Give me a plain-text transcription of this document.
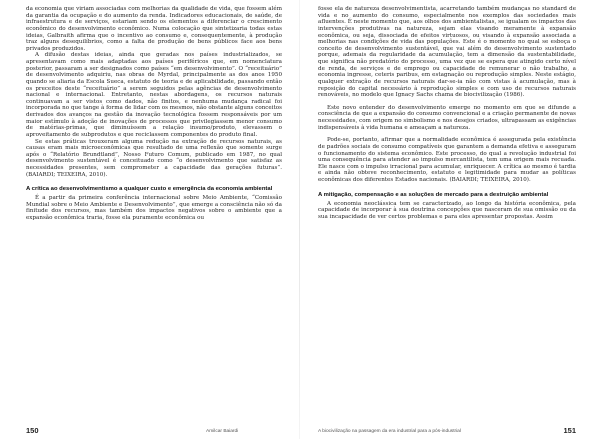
da economia que viriam associadas com melhorias da qualidade de vida, que fossem além da garantia da ocupação e do aumento da renda. Indicadores educacionais, de saúde, de infraestrutura e de serviços, estariam sendo os elementos a diferenciar o crescimento econômico do desenvolvimento econômico. Numa colocação que sintetizaria todas estas ideias, Galbraith afirma que o incentivo ao consumo e, consequentemente, à produção traz alguns desequilíbrios, como a falta de produção de bens públicos face aos bens privados produzidos.

A difusão destas ideias, ainda que geradas nos países industrializados, se apresentavam como mais adaptadas aos países periféricos que, em nomenclatura posterior, passaram a ser designados como países “em desenvolvimento”. O “receituário” de desenvolvimento adquiriu, nas obras de Myrdal, principalmente as dos anos 1950 quando se aliaria da Escola Sueca, estatuto de teoria e de aplicabilidade, passando então os preceitos deste “receituário” a serem seguidos pelas agências de desenvolvimento nacional e internacional. Entretanto, nestas abordagens, os recursos naturais continuavam a ser vistos como dados, não finitos, e nenhuma mudança radical foi incorporada no que tange à forma de lidar com os mesmos, não obstante alguns conceitos derivados dos avanços na gestão da inovação tecnológica fossem responsáveis por um maior estímulo à adoção de inovações de processos que privilegiassem menor consumo de matérias-primas, que diminuíssem a relação insumo/produto, elevassem o aproveitamento de subprodutos e que reciclassem componentes do produto final.

Se estas práticas trouxeram alguma redução na extração de recursos naturais, as causas eram mais microeconômicas que resultado de uma reflexão que somente surge após o “Relatório Brundtland”, Nosso Futuro Comum, publicado em 1987, no qual desenvolvimento sustentável é conceituado como “o desenvolvimento que satisfaz as necessidades presentes, sem comprometer a capacidade das gerações futuras”. (BAIARDI; TEIXEIRA, 2010).

A crítica ao desenvolvimentismo a qualquer custo e emergência da economia ambiental

É a partir da primeira conferência internacional sobre Meio Ambiente, “Comissão Mundial sobre o Meio Ambiente e Desenvolvimento”, que emerge a consciência não só da finitude dos recursos, mas também dos impactos negativos sobre o ambiente que a expansão econômica traria, fosse ela puramente econômica ou

150	Amilcar Baiardi

fosse ela de natureza desenvolvimentista, acarretando também mudanças no standard de vida e no aumento do consumo, especialmente nos exemplos das sociedades mais afluentes. É neste momento que, aos olhos dos ambientalistas, se igualam os impactos das intervenções produtivas na natureza, sejam elas visando meramente à expansão econômica, ou seja, dissociada de efeitos virtuosos, ou visando à expansão associada a melhorias nas condições de vida das populações. Este é o momento no qual se esboça o conceito de desenvolvimento sustentável, que vai além do desenvolvimento sustentado porque, ademais da regularidade da acumulação, tem a dimensão da sustentabilidade, que significa não predatório do processo, uma vez que se espera que atingido certo nível de renda, de serviços e de emprego ou capacidade de remunerar o não trabalho, a economia ingresse, ceteris paribus, em estagnação ou reprodução simples. Neste estágio, qualquer extração de recursos naturais dar-se-ia não com vistas à acumulação, mas à reposição do capital necessário à reprodução simples e com uso de recursos naturais renováveis, no modelo que Ignacy Sachs chama de biocivilização (1986).

Este novo entender do desenvolvimento emerge no momento em que se difunde a consciência de que a expansão do consumo convencional e a criação permanente de novas necessidades, com origem no simbolismo e nos desejos criados, ultrapassam as exigências indispensáveis à vida humana e ameaçam a natureza.

Pode-se, portanto, afirmar que a normalidade econômica é assegurada pela existência de padrões sociais de consumo compatíveis que garantem a demanda efetiva e asseguram o funcionamento do sistema econômico. Este processo, do qual a revolução industrial foi uma consequência para atender ao impulso mercantilista, tem uma origem mais recuada. Ele nasce com o impulso irracional para acumular, enriquecer. A crítica ao mesmo é tardia e ainda não obteve reconhecimento, estatuto e legitimidade para mudar as políticas econômicas dos diferentes Estados nacionais. (BAIARDI; TEIXEIRA, 2010).

A mitigação, compensação e as soluções de mercado para a destruição ambiental

A economia neoclássica tem se caracterizado, ao longo da história econômica, pela capacidade de incorporar à sua doutrina concepções que nasceram de sua omissão ou da sua incapacidade de ver certos problemas e para eles apresentar propostas. Assim

A biocivilização na passagem da era industrial para a pós-industrial	151
